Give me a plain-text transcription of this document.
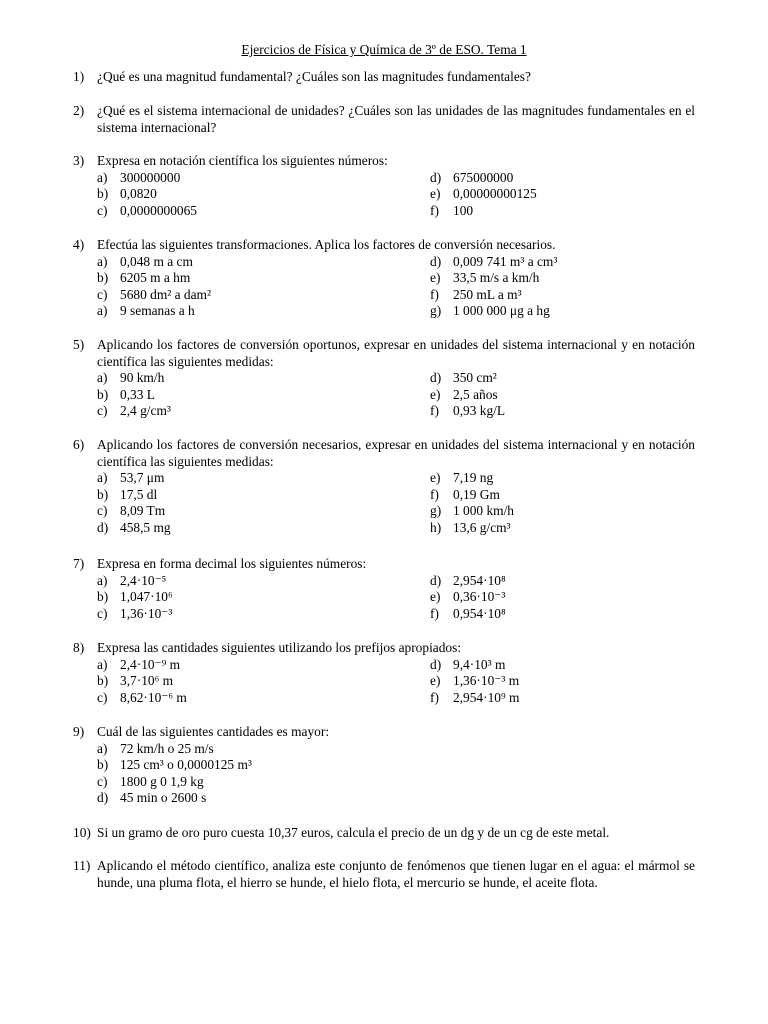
Ejercicios de Física y Química de 3º de ESO. Tema 1
1) ¿Qué es una magnitud fundamental? ¿Cuáles son las magnitudes fundamentales?
2) ¿Qué es el sistema internacional de unidades? ¿Cuáles son las unidades de las magnitudes fundamentales en el sistema internacional?
3) Expresa en notación científica los siguientes números:
a) 300000000	d) 675000000
b) 0,0820	e) 0,00000000125
c) 0,0000000065	f)	100
4) Efectúa las siguientes transformaciones. Aplica los factores de conversión necesarios.
a) 0,048 m a cm	d) 0,009 741 m³ a cm³
b) 6205 m a hm	e) 33,5 m/s a km/h
c) 5680 dm² a dam²	f)	250 mL a m³
a) 9 semanas a h	g) 1 000 000 μg a hg
5) Aplicando los factores de conversión oportunos, expresar en unidades del sistema internacional y en notación científica las siguientes medidas:
a) 90 km/h	d) 350 cm²
b) 0,33 L	e) 2,5 años
c) 2,4 g/cm³	f)	0,93 kg/L
6) Aplicando los factores de conversión necesarios, expresar en unidades del sistema internacional y en notación científica las siguientes medidas:
a) 53,7 μm	e) 7,19 ng
b) 17,5 dl	f)	0,19 Gm
c) 8,09 Tm	g) 1 000 km/h
d) 458,5 mg	h) 13,6 g/cm³
7) Expresa en forma decimal los siguientes números:
a) 2,4·10⁻⁵	d) 2,954·10⁸
b) 1,047·10⁶	e) 0,36·10⁻³
c) 1,36·10⁻³	f)	0,954·10⁸
8) Expresa las cantidades siguientes utilizando los prefijos apropiados:
a) 2,4·10⁻⁹ m	d) 9,4·10³ m
b) 3,7·10⁶ m	e) 1,36·10⁻³ m
c) 8,62·10⁻⁶ m	f)	2,954·10⁹ m
9) Cuál de las siguientes cantidades es mayor:
a) 72 km/h o 25 m/s
b) 125 cm³ o 0,0000125 m³
c) 1800 g 0 1,9 kg
d) 45 min o 2600 s
10) Si un gramo de oro puro cuesta 10,37 euros, calcula el precio de un dg y de un cg de este metal.
11) Aplicando el método científico, analiza este conjunto de fenómenos que tienen lugar en el agua: el mármol se hunde, una pluma flota, el hierro se hunde, el hielo flota, el mercurio se hunde, el aceite flota.
